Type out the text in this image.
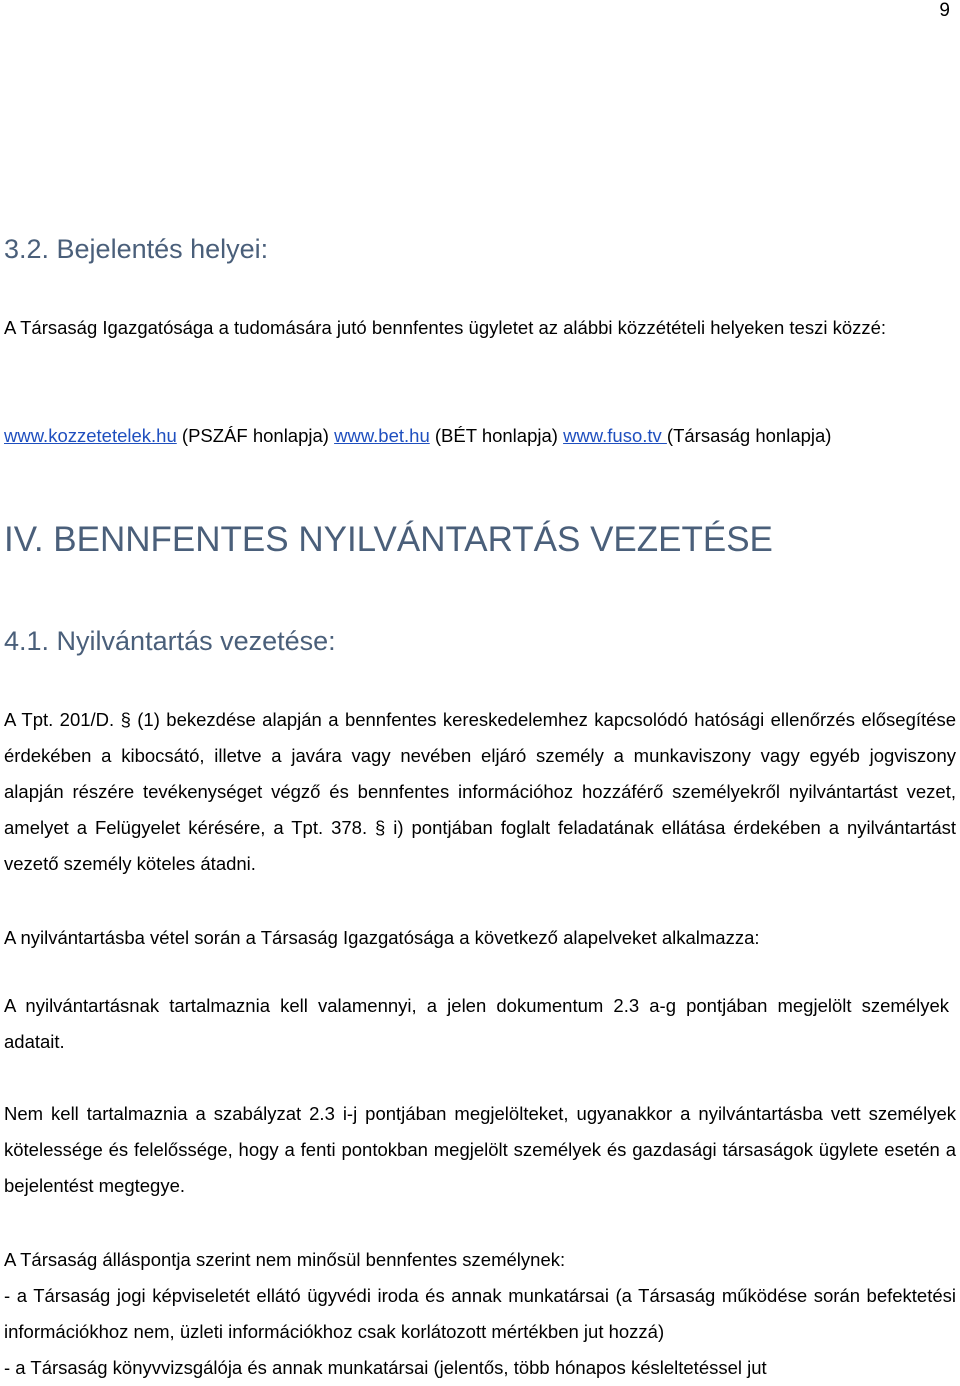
9
3.2. Bejelentés helyei:

A Társaság Igazgatósága a tudomására jutó bennfentes ügyletet az alábbi közzétételi helyeken teszi közzé:

www.kozzetetelek.hu (PSZÁF honlapja) www.bet.hu (BÉT honlapja) www.fuso.tv (Társaság honlapja)

IV. BENNFENTES NYILVÁNTARTÁS VEZETÉSE
4.1. Nyilvántartás vezetése:

A Tpt. 201/D. § (1) bekezdése alapján a bennfentes kereskedelemhez kapcsolódó hatósági ellenőrzés elősegítése érdekében a kibocsátó, illetve a javára vagy nevében eljáró személy a munkaviszony vagy egyéb jogviszony alapján részére tevékenységet végző és bennfentes információhoz hozzáférő személyekről nyilvántartást vezet, amelyet a Felügyelet kérésére, a Tpt. 378. § i) pontjában foglalt feladatának ellátása érdekében a nyilvántartást vezető személy köteles átadni.

A nyilvántartásba vétel során a Társaság Igazgatósága a következő alapelveket alkalmazza:

A nyilvántartásnak tartalmaznia kell valamennyi, a jelen dokumentum 2.3 a-g pontjában megjelölt személyek adatait.

Nem kell tartalmaznia a szabályzat 2.3 i-j pontjában megjelölteket, ugyanakkor a nyilvántartásba vett személyek kötelessége és felelőssége, hogy a fenti pontokban megjelölt személyek és gazdasági társaságok ügylete esetén a bejelentést megtegye.

A Társaság álláspontja szerint nem minősül bennfentes személynek:

- a Társaság jogi képviseletét ellátó ügyvédi iroda és annak munkatársai (a Társaság működése során befektetési információkhoz nem, üzleti információkhoz csak korlátozott mértékben jut hozzá)

- a Társaság könyvvizsgálója és annak munkatársai (jelentős, több hónapos késleltetéssel jut
